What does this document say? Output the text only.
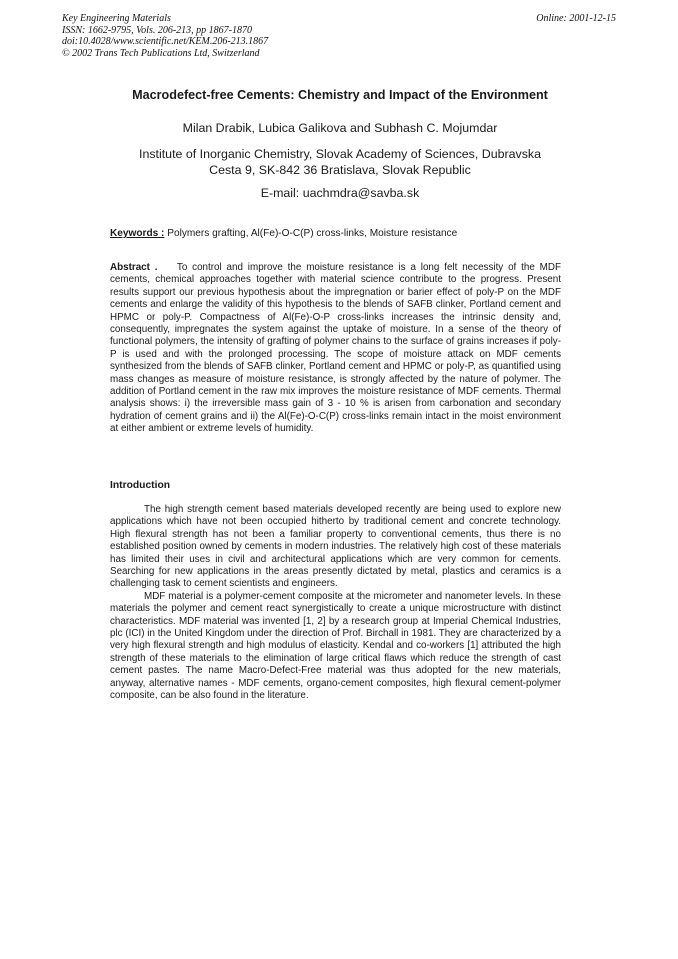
Key Engineering Materials
ISSN: 1662-9795, Vols. 206-213, pp 1867-1870
doi:10.4028/www.scientific.net/KEM.206-213.1867
© 2002 Trans Tech Publications Ltd, Switzerland
Online: 2001-12-15
Macrodefect-free Cements: Chemistry and Impact of the Environment
Milan Drabik, Lubica Galikova and Subhash C. Mojumdar
Institute of Inorganic Chemistry, Slovak Academy of Sciences, Dubravska
Cesta 9, SK-842 36 Bratislava, Slovak Republic
E-mail: uachmdra@savba.sk
Keywords : Polymers grafting, Al(Fe)-O-C(P) cross-links, Moisture resistance
Abstract . To control and improve the moisture resistance is a long felt necessity of the MDF cements, chemical approaches together with material science contribute to the progress. Present results support our previous hypothesis about the impregnation or barier effect of poly-P on the MDF cements and enlarge the validity of this hypothesis to the blends of SAFB clinker, Portland cement and HPMC or poly-P. Compactness of Al(Fe)-O-P cross-links increases the intrinsic density and, consequently, impregnates the system against the uptake of moisture. In a sense of the theory of functional polymers, the intensity of grafting of polymer chains to the surface of grains increases if poly-P is used and with the prolonged processing. The scope of moisture attack on MDF cements synthesized from the blends of SAFB clinker, Portland cement and HPMC or poly-P, as quantified using mass changes as measure of moisture resistance, is strongly affected by the nature of polymer. The addition of Portland cement in the raw mix improves the moisture resistance of MDF cements. Thermal analysis shows: i) the irreversible mass gain of 3 - 10 % is arisen from carbonation and secondary hydration of cement grains and ii) the Al(Fe)-O-C(P) cross-links remain intact in the moist environment at either ambient or extreme levels of humidity.
Introduction

The high strength cement based materials developed recently are being used to explore new applications which have not been occupied hitherto by traditional cement and concrete technology. High flexural strength has not been a familiar property to conventional cements, thus there is no established position owned by cements in modern industries. The relatively high cost of these materials has limited their uses in civil and architectural applications which are very common for cements. Searching for new applications in the areas presently dictated by metal, plastics and ceramics is a challenging task to cement scientists and engineers.

MDF material is a polymer-cement composite at the micrometer and nanometer levels. In these materials the polymer and cement react synergistically to create a unique microstructure with distinct characteristics. MDF material was invented [1, 2] by a research group at Imperial Chemical Industries, plc (ICI) in the United Kingdom under the direction of Prof. Birchall in 1981. They are characterized by a very high flexural strength and high modulus of elasticity. Kendal and co-workers [1] attributed the high strength of these materials to the elimination of large critical flaws which reduce the strength of cast cement pastes. The name Macro-Defect-Free material was thus adopted for the new materials, anyway, alternative names - MDF cements, organo-cement composites, high flexural cement-polymer composite, can be also found in the literature.
